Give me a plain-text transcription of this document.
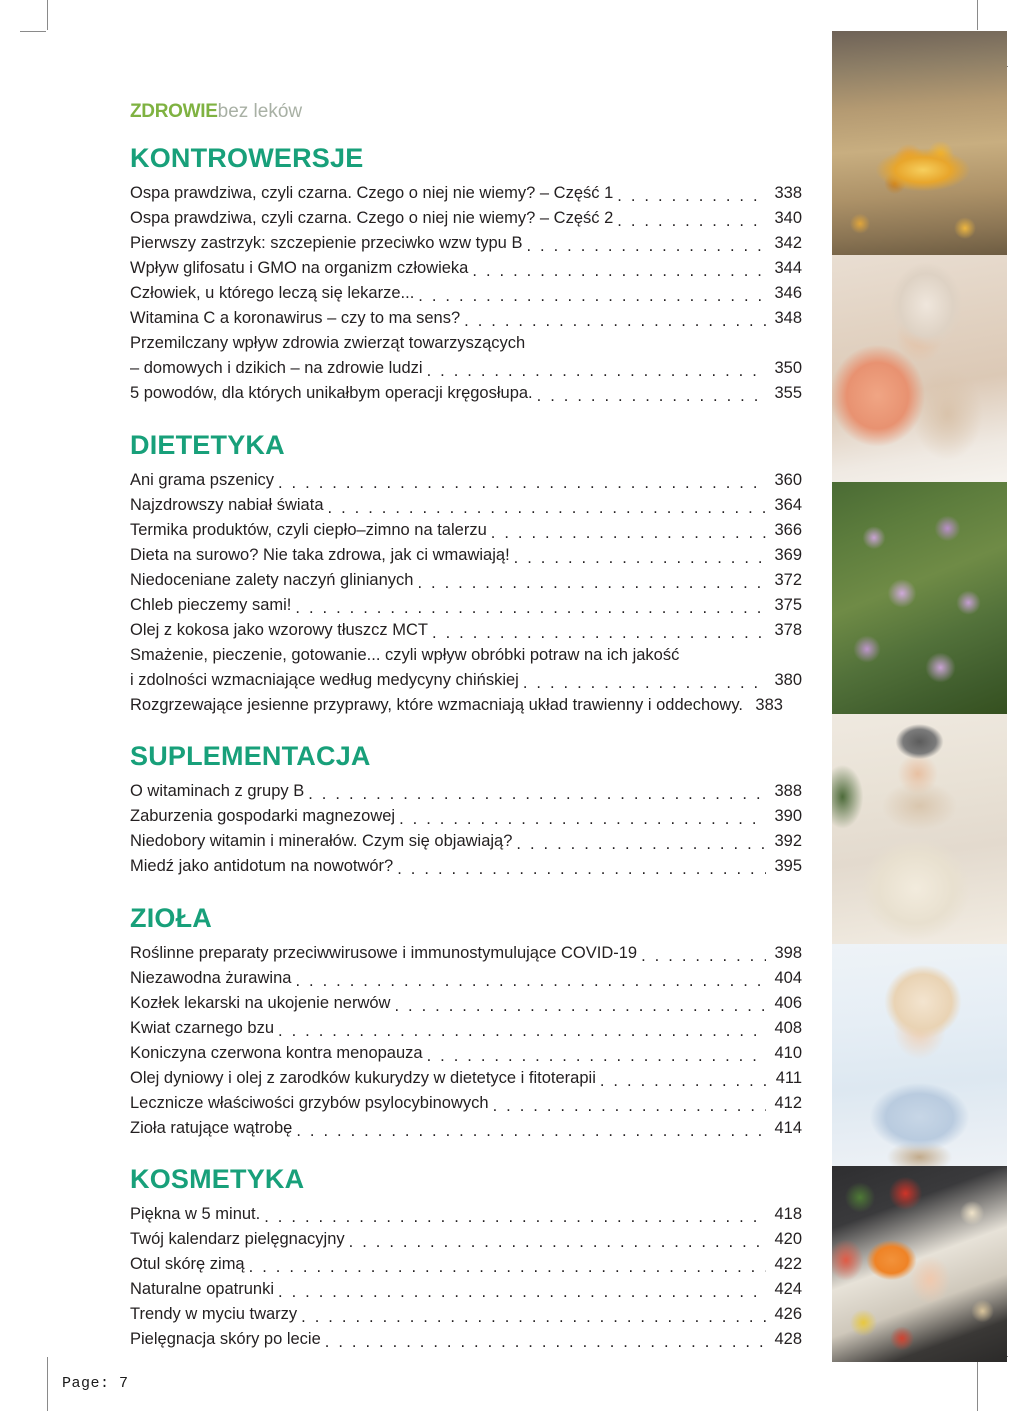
ZDROWIEbez leków
KONTROWERSJE
Ospa prawdziwa, czyli czarna. Czego o niej nie wiemy? – Część 1 . . .	338
Ospa prawdziwa, czyli czarna. Czego o niej nie wiemy? – Część 2 . . .	340
Pierwszy zastrzyk: szczepienie przeciwko wzw typu B . . .	342
Wpływ glifosatu i GMO na organizm człowieka . . .	344
Człowiek, u którego leczą się lekarze... . . .	346
Witamina C a koronawirus – czy to ma sens? . . .	348
Przemilczany wpływ zdrowia zwierząt towarzyszących
– domowych i dzikich – na zdrowie ludzi . . .	350
5 powodów, dla których unikałbym operacji kręgosłupa. . . .	355
DIETETYKA
Ani grama pszenicy . . .	360
Najzdrowszy nabiał świata . . .	364
Termika produktów, czyli ciepło–zimno na talerzu . . .	366
Dieta na surowo? Nie taka zdrowa, jak ci wmawiają! . . .	369
Niedoceniane zalety naczyń glinianych . . .	372
Chleb pieczemy sami! . . .	375
Olej z kokosa jako wzorowy tłuszcz MCT . . .	378
Smażenie, pieczenie, gotowanie... czyli wpływ obróbki potraw na ich jakość
i zdolności wzmacniające według medycyny chińskiej . . .	380
Rozgrzewające jesienne przyprawy, które wzmacniają układ trawienny i oddechowy. 383
SUPLEMENTACJA
O witaminach z grupy B . . .	388
Zaburzenia gospodarki magnezowej . . .	390
Niedobory witamin i minerałów. Czym się objawiają? . . .	392
Miedź jako antidotum na nowotwór? . . .	395
ZIOŁA
Roślinne preparaty przeciwwirusowe i immunostymulujące COVID-19 . . .	398
Niezawodna żurawina . . .	404
Kozłek lekarski na ukojenie nerwów . . .	406
Kwiat czarnego bzu . . .	408
Koniczyna czerwona kontra menopauza . . .	410
Olej dyniowy i olej z zarodków kukurydzy w dietetyce i fitoterapii . . .	411
Lecznicze właściwości grzybów psylocybinowych . . .	412
Zioła ratujące wątrobę . . .	414
KOSMETYKA
Piękna w 5 minut. . . .	418
Twój kalendarz pielęgnacyjny . . .	420
Otul skórę zimą . . .	422
Naturalne opatrunki . . .	424
Trendy w myciu twarzy . . .	426
Pielęgnacja skóry po lecie . . .	428
Page: 7
